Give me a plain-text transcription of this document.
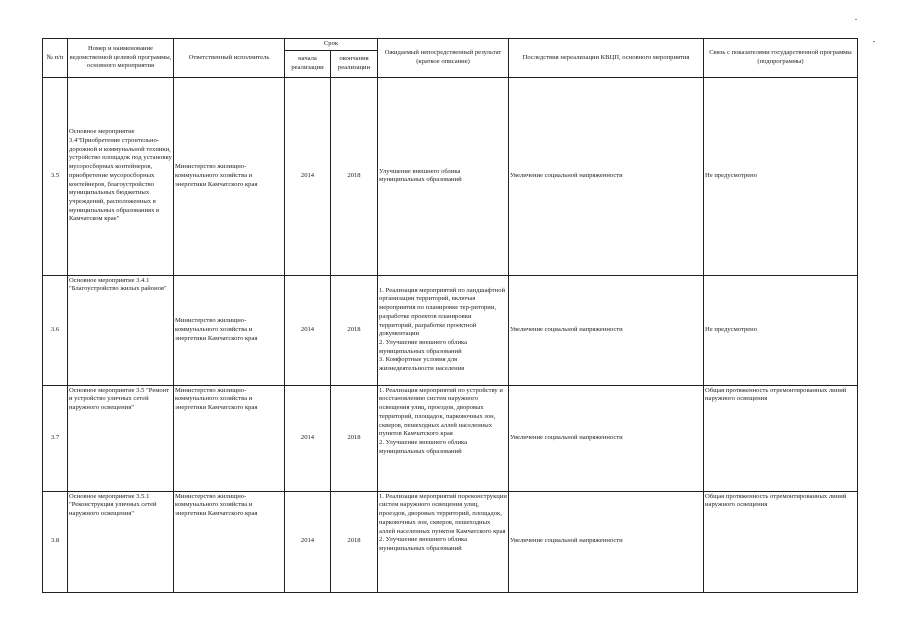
№ п/п	Номер и наименование ведомственной целевой программы, основного мероприятия	Ответственный исполнитель	Срок		Ожидаемый непосредственный результат (краткое описание)	Последствия нереализации КВЦП, основного мероприятия	Связь с показателями государственной программы (подпрограммы)
			начала реализации	окончания реализации			
3.5	Основное мероприятие 3.4"Приобретение строительно-дорожной и коммунальной техники, устройство площадок под установку мусоросборных контейнеров, приобретение мусоросборных контейнеров, благоустройство муниципальных бюджетных учреждений, расположенных в муниципальных образованиях в Камчатском крае"	Министерство жилищно-коммунального хозяйства и энергетики Камчатского края	2014	2018	Улучшение внешнего облика муниципальных образований	Увеличение социальной напряженности	Не предусмотрено
3.6	Основное мероприятие 3.4.1 "Благоустройство жилых районов"	Министерство жилищно-коммунального хозяйства и энергетики Камчатского края	2014	2018	1. Реализация мероприятий по ландшафтной организации территорий, включая мероприятия по планировке тер-ритории, разработке проектов планировки территорий, разработке проектной документации
2. Улучшение внешнего облика муниципальных образований
3. Комфортные условия для жизнедеятельности населения	Увеличение социальной напряженности	Не предусмотрено
3.7	Основное мероприятие 3.5 "Ремонт и устройство уличных сетей наружного освещения"	Министерство жилищно-коммунального хозяйства и энергетики Камчатского края	2014	2018	1. Реализация мероприятий по устройству и восстановлению систем наружного освещения улиц, проездов, дворовых территорий, площадок, парковочных зон, скверов, пешеходных аллей населенных пунктов Камчатского края
2. Улучшение внешнего облика муниципальных образований	Увеличение социальной напряженности	Общая протяженность отремонтированных линий наружного освещения
3.8	Основное мероприятие 3.5.1 "Реконструкция уличных сетей наружного освещения"	Министерство жилищно-коммунального хозяйства и энергетики Камчатского края	2014	2018	1. Реализация мероприятий пореконструкции систем наружного освещения улиц, проездов, дворовых территорий, площадок, парковочных зон, скверов, пешеходных аллей населенных пунктов Камчатского края
2. Улучшение внешнего облика муниципальных образований	Увеличение социальной напряженности	Общая протяженность отремонтированных линий наружного освещения
